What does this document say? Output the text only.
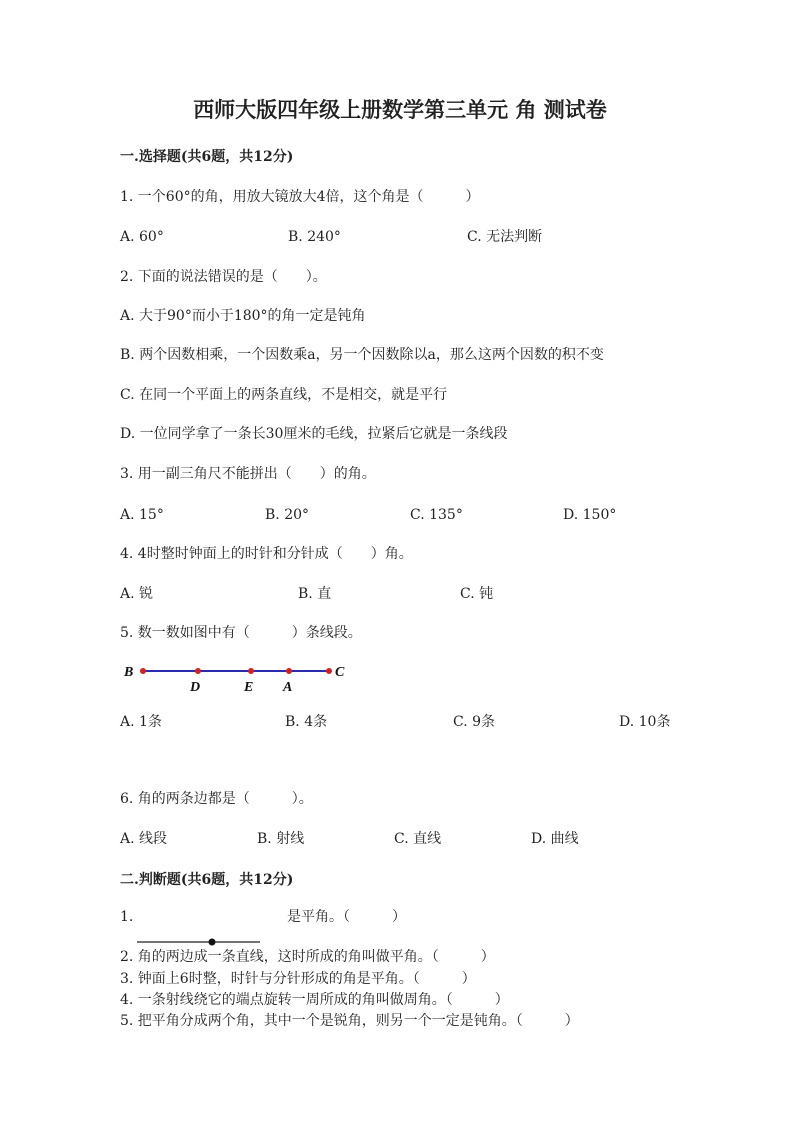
西师大版四年级上册数学第三单元 角 测试卷
一.选择题(共6题，共12分)
1. 一个60°的角，用放大镜放大4倍，这个角是（　　　）
A. 60°	B. 240°	C. 无法判断
2. 下面的说法错误的是（　　）。
A. 大于90°而小于180°的角一定是钝角
B. 两个因数相乘，一个因数乘a，另一个因数除以a，那么这两个因数的积不变
C. 在同一个平面上的两条直线，不是相交，就是平行
D. 一位同学拿了一条长30厘米的毛线，拉紧后它就是一条线段
3. 用一副三角尺不能拼出（　　）的角。
A. 15°	B. 20°	C. 135°	D. 150°
4. 4时整时钟面上的时针和分针成（　　）角。
A. 锐	B. 直	C. 钝
5. 数一数如图中有（　　　）条线段。
B
D	E A
C
A. 1条	B. 4条	C. 9条	D. 10条
6. 角的两条边都是（　　　）。
A. 线段	B. 射线	C. 直线	D. 曲线
二.判断题(共6题，共12分)
1.	是平角。（　　　）
2. 角的两边成一条直线，这时所成的角叫做平角。（　　　）
3. 钟面上6时整，时针与分针形成的角是平角。（　　　）
4. 一条射线绕它的端点旋转一周所成的角叫做周角。（　　　）
5. 把平角分成两个角，其中一个是锐角，则另一个一定是钝角。（　　　）
